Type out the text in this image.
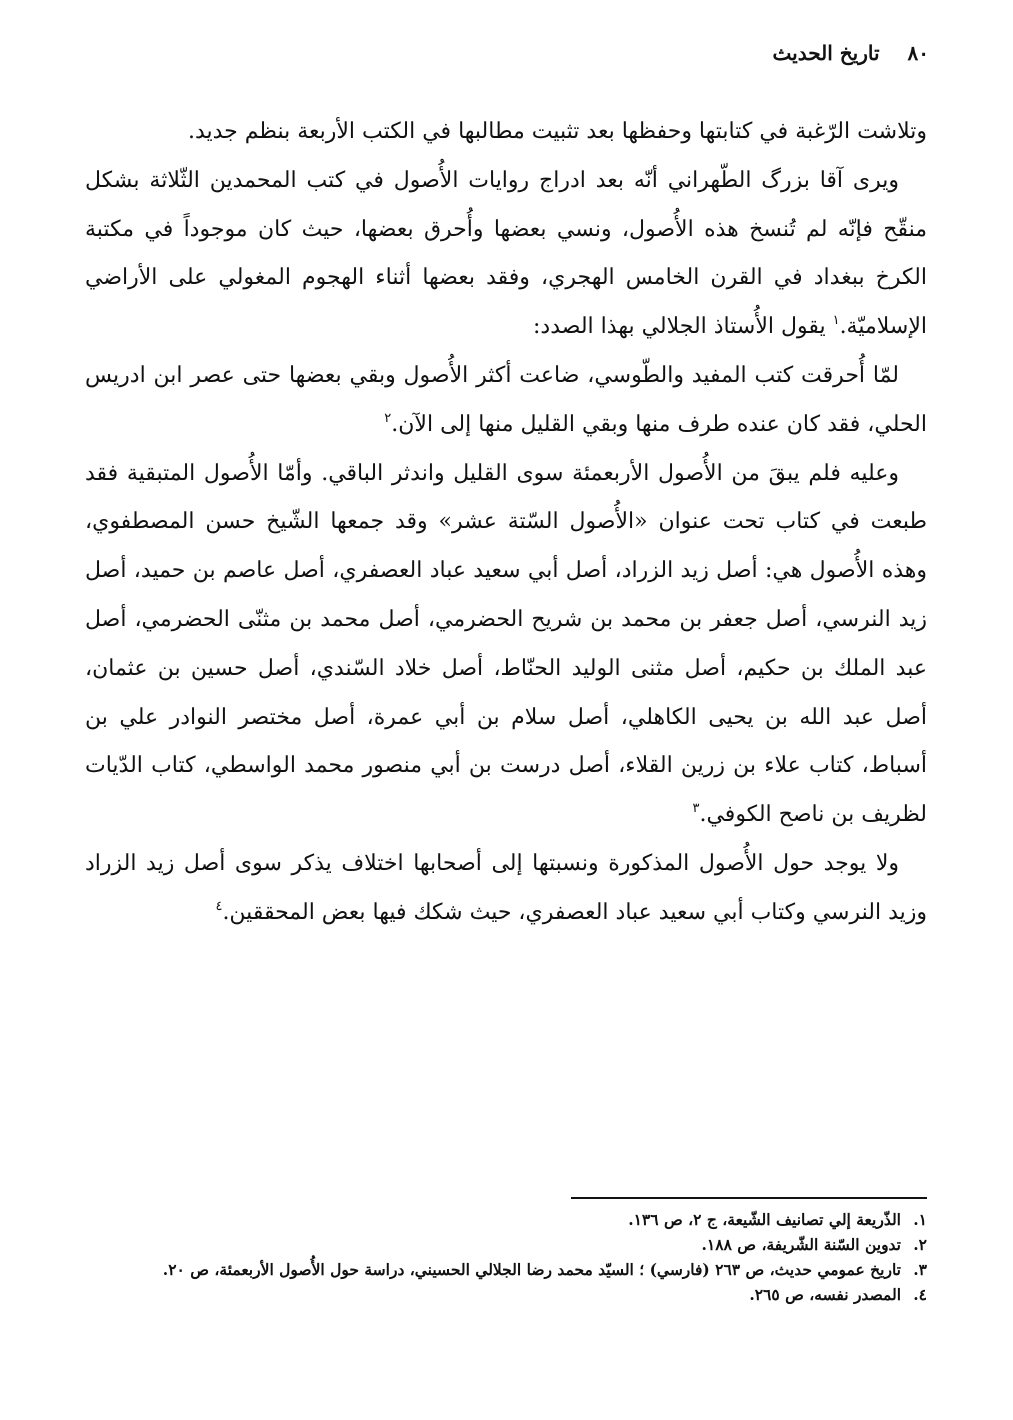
٨٠تاريخ الحديث

وتلاشت الرّغبة في كتابتها وحفظها بعد تثبيت مطالبها في الكتب الأربعة بنظم جديد.

ويرى آقا بزرگ الطّهراني أنّه بعد ادراج روايات الأُصول في كتب المحمدين الثّلاثة بشكل منقّح فإنّه لم تُنسخ هذه الأُصول، ونسي بعضها وأُحرق بعضها، حيث كان موجوداً في مكتبة الكرخ ببغداد في القرن الخامس الهجري، وفقد بعضها أثناء الهجوم المغولي على الأراضي الإسلاميّة.$^١$ يقول الأُستاذ الجلالي بهذا الصدد:

لمّا أُحرقت كتب المفيد والطّوسي، ضاعت أكثر الأُصول وبقي بعضها حتى عصر ابن ادريس الحلي، فقد كان عنده طرف منها وبقي القليل منها إلى الآن.$^٢$

وعليه فلم يبقَ من الأُصول الأربعمئة سوى القليل واندثر الباقي. وأمّا الأُصول المتبقية فقد طبعت في كتاب تحت عنوان «الأُصول السّتة عشر» وقد جمعها الشّيخ حسن المصطفوي، وهذه الأُصول هي: أصل زيد الزراد، أصل أبي سعيد عباد العصفري، أصل عاصم بن حميد، أصل زيد النرسي، أصل جعفر بن محمد بن شريح الحضرمي، أصل محمد بن مثنّى الحضرمي، أصل عبد الملك بن حكيم، أصل مثنى الوليد الحنّاط، أصل خلاد السّندي، أصل حسين بن عثمان، أصل عبد الله بن يحيى الكاهلي، أصل سلام بن أبي عمرة، أصل مختصر النوادر علي بن أسباط، كتاب علاء بن زرين القلاء، أصل درست بن أبي منصور محمد الواسطي، كتاب الدّيات لظريف بن ناصح الكوفي.$^٣$

ولا يوجد حول الأُصول المذكورة ونسبتها إلى أصحابها اختلاف يذكر سوى أصل زيد الزراد وزيد النرسي وكتاب أبي سعيد عباد العصفري، حيث شكك فيها بعض المحققين.$^٤$

١.الذّريعة إلي تصانيف الشّيعة، ج ٢، ص ١٣٦.
٢.تدوين السّنة الشّريفة، ص ١٨٨.
٣.تاريخ عمومي حديث، ص ٢٦٣ (فارسي) ؛ السيّد محمد رضا الجلالي الحسيني، دراسة حول الأُصول الأربعمئة، ص ٢٠.
٤.المصدر نفسه، ص ٢٦٥.
